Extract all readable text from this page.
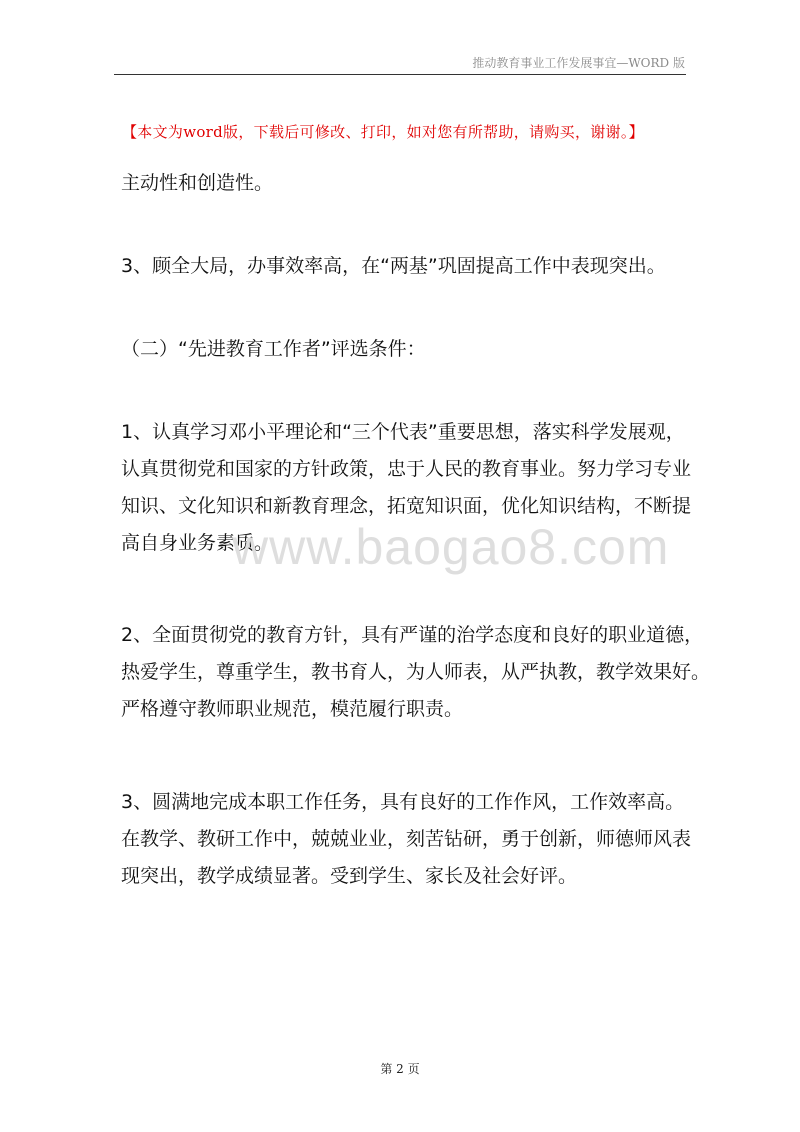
推动教育事业工作发展事宜—WORD 版
【本文为word版，下载后可修改、打印，如对您有所帮助，请购买，谢谢。】
主动性和创造性。
3、顾全大局，办事效率高，在“两基”巩固提高工作中表现突出。
（二）“先进教育工作者”评选条件：
1、认真学习邓小平理论和“三个代表”重要思想，落实科学发展观，
认真贯彻党和国家的方针政策，忠于人民的教育事业。努力学习专业
知识、文化知识和新教育理念，拓宽知识面，优化知识结构，不断提
高自身业务素质。
2、全面贯彻党的教育方针，具有严谨的治学态度和良好的职业道德，
热爱学生，尊重学生，教书育人，为人师表，从严执教，教学效果好。
严格遵守教师职业规范，模范履行职责。
3、圆满地完成本职工作任务，具有良好的工作作风，工作效率高。
在教学、教研工作中，兢兢业业，刻苦钻研，勇于创新，师德师风表
现突出，教学成绩显著。受到学生、家长及社会好评。
www.baogao8.com
第 2 页
